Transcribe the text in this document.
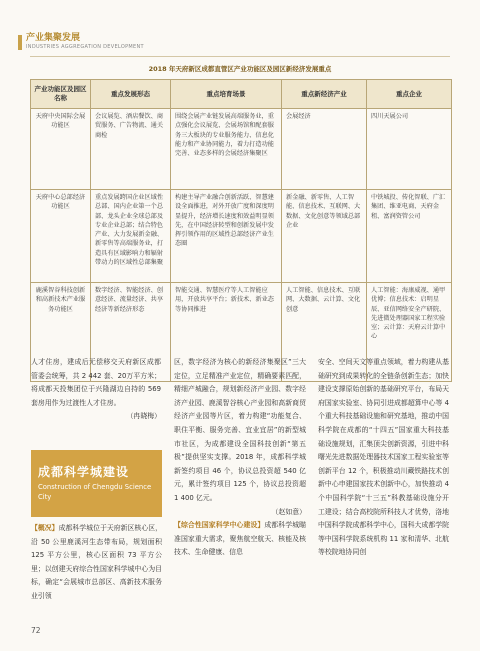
产业集聚发展
INDUSTRIES AGGREGATION DEVELOPMENT
2018 年天府新区成都直管区产业功能区及园区新经济发展重点
产业功能区及园区名称	重点发展形态	重点培育场景	重点新经济产业	重点企业
天府中央国际会展功能区	会议展览、酒店餐饮、商贸服务、广告物流、通关商检	围绕会展产业链发展高端服务业，重点强化会议展览、会展场馆和配套服务三大板块的专业服务能力、信息化能力和产业协同能力，着力打造功能完善、业态多样的会展经济集聚区	会展经济	四川天展公司
天府中心总部经济功能区	重点发展跨国企业区域性总部、国内企业第一个总部、龙头企业全球总部及专业企业总部；结合特色产业、大力发展新金融、新零售等高端服务业，打造具有区域影响力和辐射带动力的区域性总部集聚	构建主导产业融合创新活跃、智慧建设全面推进，对外开放广度和深度明显提升，经济增长速度和效益明显领先，在中国经济转型和创新发展中发挥引领作用的区域性总部经济产业生态圈	新金融、新零售、人工智能、信息技术、互联网、大数据、文化创意等领域总部企业	中铁城投、传化智联、广汇集团、维亚电商、天府金租、富润资管公司
鹿溪智谷科技创新和高新技术产业服务功能区	数字经济、智能经济、创意经济、流量经济、共享经济等新经济形态	智能交通、智慧医疗等人工智能应用，开放共享平台；新技术、新业态等协同推进	人工智能、信息技术、互联网、大数据、云计算、文化创意	人工智能：海康威视、通甲优博；信息技术：启明星辰、亚信网络安全产研院、先进微处理器国家工程实验室；云计算：天府云计算中心
人才住房，建成后无偿移交天府新区成都管委会统筹，共 2 442 套、20万平方米；将成都天投集团位于兴隆湖边自持的 569 套房用作为过渡性人才住房。
（冉晓梅）
成都科学城建设
Construction of Chengdu Science City
【概况】成都科学城位于天府新区核心区，沿 50 公里鹿溪河生态带布局，规划面积 125 平方公里，核心区面积 73 平方公里；以创建天府综合性国家科学城中心为目标，确定“会展城市总部区、高新技术服务业引领
区，数字经济为核心的新经济集聚区”三大定位，立足精准产业定位，精确要素匹配，精细产城融合，规划新经济产业园、数字经济产业园、鹿溪智谷核心产业园和高新商贸经济产业园等片区，着力构建“功能复合、职住平衡、服务完善、宜业宜居”的新型城市社区，为成都建设全国科技创新“第五极”提供坚实支撑。2018 年，成都科学城新签约项目 46 个，协议总投资超 540 亿元，累计签约项目 125 个，协议总投资超 1 400 亿元。
（赵如意）
【综合性国家科学中心建设】成都科学城瞄准国家重大需求，聚焦航空航天、核能及核技术、生命健康、信息
安全、空间天文等重点领域，着力构建从基础研究到成果转化的全链条创新生态；加快建设支撑原始创新的基础研究平台，布局天府国家实验室、协同引进成都超算中心等 4 个重大科技基础设施和研究基地，推动中国科学院在成都的“十四五”国家重大科技基础设施规划，汇集顶尖创新资源，引进中科曙光先进数据处理器技术国家工程实验室等创新平台 12 个，积极推动川藏铁路技术创新中心申建国家技术创新中心，加快推动 4 个中国科学院“十三五”科教基础设施分开工建设；结合高校院所科技人才优势，洛地中国科学院成都科学中心，国科大成都学院等中国科学院系统机构 11 家和清华、北航等校院地协同创
72
